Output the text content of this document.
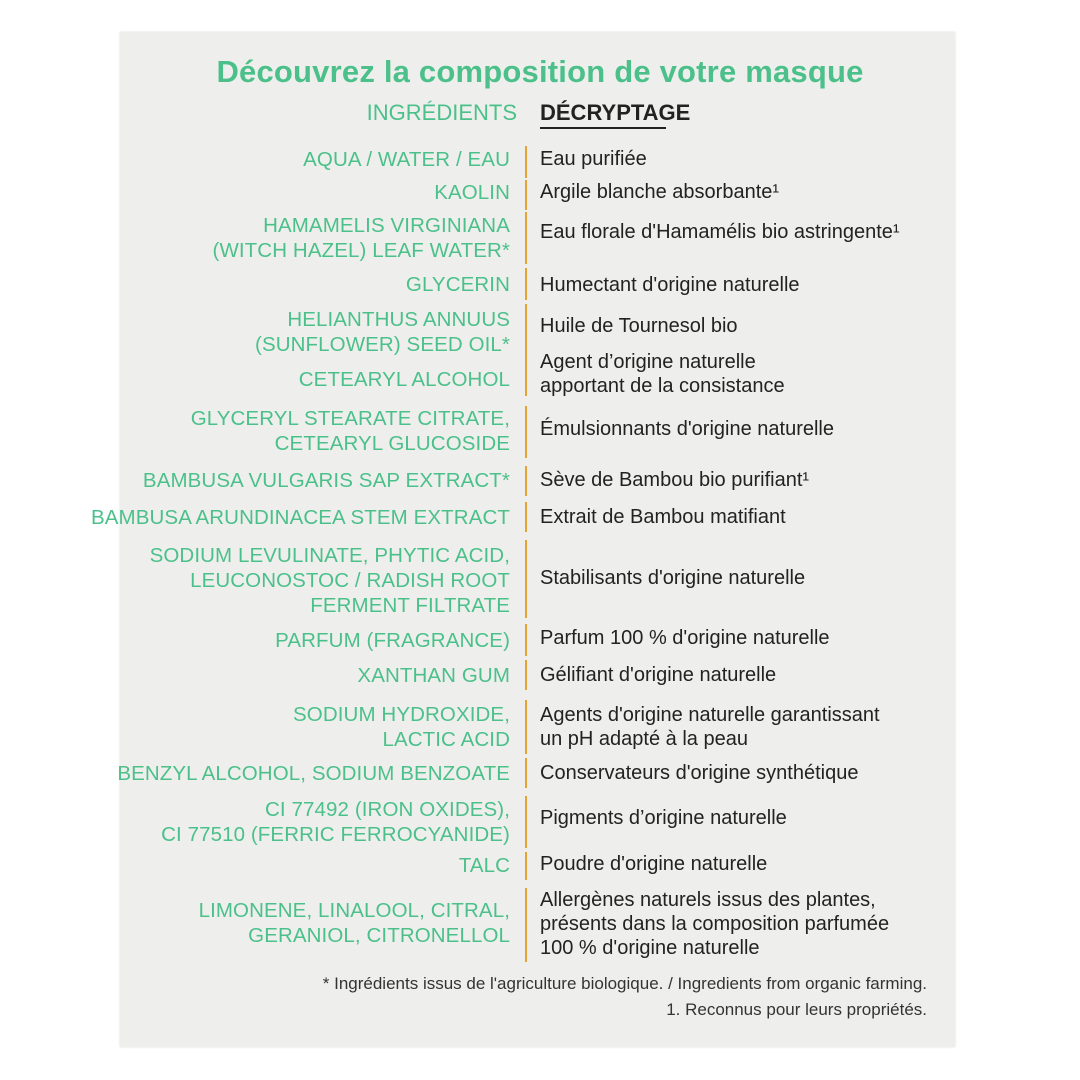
Découvrez la composition de votre masque
INGRÉDIENTS DÉCRYPTAGE
AQUA / WATER / EAU
KAOLIN
HAMAMELIS VIRGINIANA
(WITCH HAZEL) LEAF WATER*
GLYCERIN
HELIANTHUS ANNUUS
(SUNFLOWER) SEED OIL*
CETEARYL ALCOHOL
GLYCERYL STEARATE CITRATE,
CETEARYL GLUCOSIDE
BAMBUSA VULGARIS SAP EXTRACT*
BAMBUSA ARUNDINACEA STEM EXTRACT
SODIUM LEVULINATE, PHYTIC ACID,
LEUCONOSTOC / RADISH ROOT
FERMENT FILTRATE
PARFUM (FRAGRANCE)
XANTHAN GUM
SODIUM HYDROXIDE,
LACTIC ACID
BENZYL ALCOHOL, SODIUM BENZOATE
CI 77492 (IRON OXIDES),
CI 77510 (FERRIC FERROCYANIDE)
TALC
LIMONENE, LINALOOL, CITRAL,
GERANIOL, CITRONELLOL
Eau purifiée
Argile blanche absorbante¹
Eau florale d'Hamamélis bio astringente¹
Humectant d'origine naturelle
Huile de Tournesol bio
Agent d’origine naturelle
apportant de la consistance
Émulsionnants d'origine naturelle
Sève de Bambou bio purifiant¹
Extrait de Bambou matifiant
Stabilisants d'origine naturelle
Parfum 100 % d'origine naturelle
Gélifiant d'origine naturelle
Agents d'origine naturelle garantissant
un pH adapté à la peau
Conservateurs d'origine synthétique
Pigments d’origine naturelle
Poudre d'origine naturelle
Allergènes naturels issus des plantes,
présents dans la composition parfumée
100 % d'origine naturelle
* Ingrédients issus de l'agriculture biologique. / Ingredients from organic farming.
1. Reconnus pour leurs propriétés.
